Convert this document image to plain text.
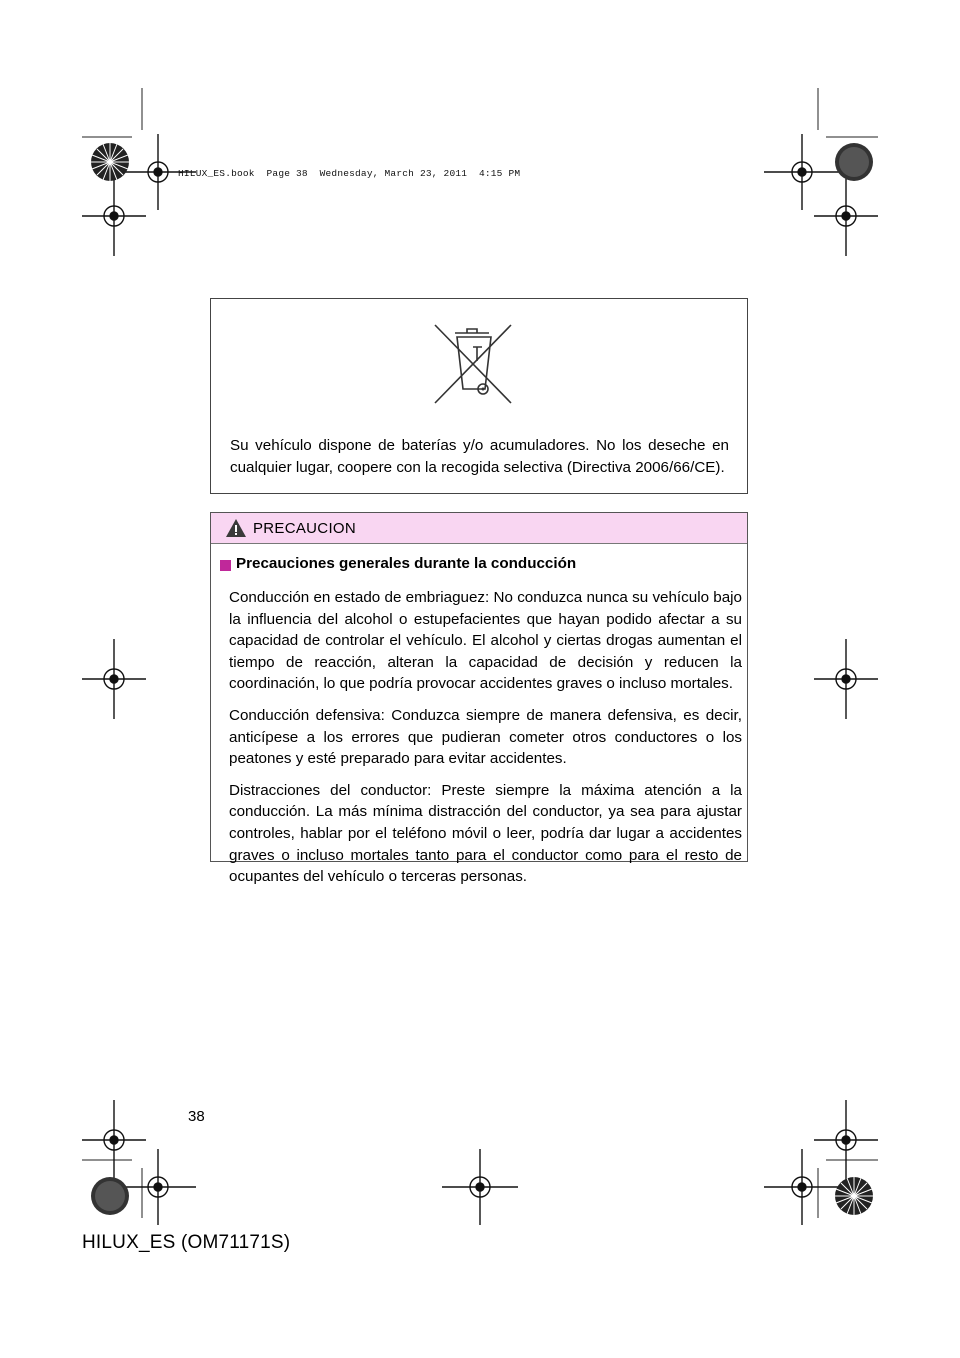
HILUX_ES.book  Page 38  Wednesday, March 23, 2011  4:15 PM

Su vehículo dispone de baterías y/o acumuladores. No los deseche en cualquier lugar, coopere con la recogida selectiva (Directiva 2006/66/CE).

PRECAUCION
Precauciones generales durante la conducción

Conducción en estado de embriaguez: No conduzca nunca su vehículo bajo la influencia del alcohol o estupefacientes que hayan podido afectar a su capacidad de controlar el vehículo. El alcohol y ciertas drogas aumentan el tiempo de reacción, alteran la capacidad de decisión y reducen la coordinación, lo que podría provocar accidentes graves o incluso mortales.

Conducción defensiva: Conduzca siempre de manera defensiva, es decir, anticípese a los errores que pudieran cometer otros conductores o los peatones y esté preparado para evitar accidentes.

Distracciones del conductor: Preste siempre la máxima atención a la conducción. La más mínima distracción del conductor, ya sea para ajustar controles, hablar por el teléfono móvil o leer, podría dar lugar a accidentes graves o incluso mortales tanto para el conductor como para el resto de ocupantes del vehículo o terceras personas.

38
HILUX_ES (OM71171S)
